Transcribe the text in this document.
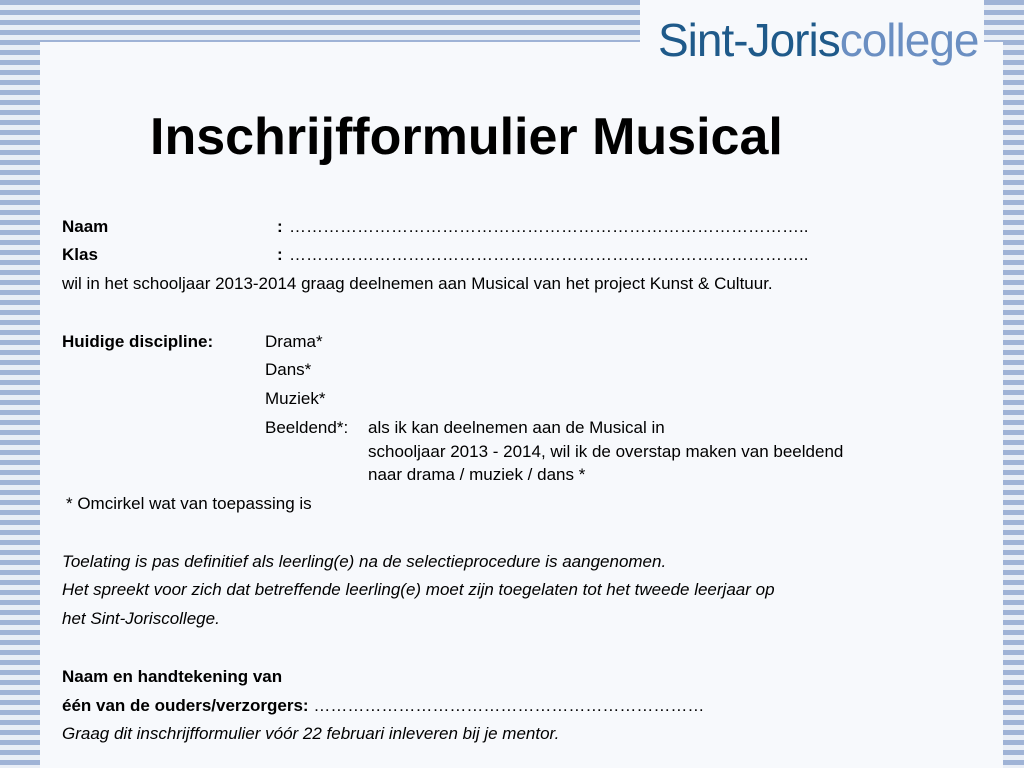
Sint-Joriscollege
Inschrijfformulier Musical
Naam	: ………………………………………………………………………………..
Klas	: ………………………………………………………………………………..
wil in het schooljaar 2013-2014 graag deelnemen aan Musical van het project Kunst & Cultuur.
Huidige discipline:	Drama*
Dans*
Muziek*
Beeldend*: als ik kan deelnemen aan de Musical in
schooljaar 2013 - 2014, wil ik de overstap maken van beeldend
naar drama / muziek / dans *
* Omcirkel wat van toepassing is
Toelating is pas definitief als leerling(e) na de selectieprocedure is aangenomen.
Het spreekt voor zich dat betreffende leerling(e) moet zijn toegelaten tot het tweede leerjaar op
het Sint-Joriscollege.
Naam en handtekening van
één van de ouders/verzorgers: ……………………………………………………………
Graag dit inschrijfformulier vóór 22 februari inleveren bij je mentor.
